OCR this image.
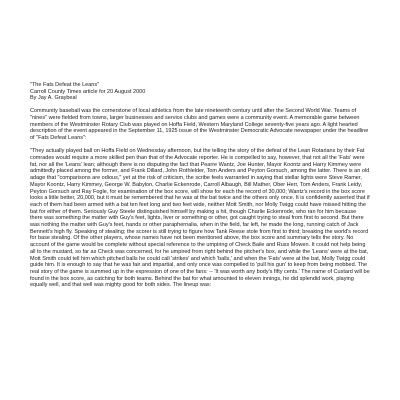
"The Fats Defeat the Leans"

Carroll County Times article for 20 August 2000

By Jay A. Graybeal

Community baseball was the cornerstone of local athletics from the late nineteenth century until after the Second World War. Teams of "nines" were fielded from towns, larger businesses and service clubs and games were a community event. A memorable game between members of the Westminster Rotary Club was played on Hoffa Field, Western Maryland College seventy-five years ago. A light hearted description of the event appeared in the September 11, 1925 issue of the Westminster Democratic Advocate newspaper under the headline of "Fats Defeat Leans":

"They actually played ball on Hoffa Field on Wednesday afternoon, but the telling the story of the defeat of the Lean Rotarians by their Fat comrades would require a more skilled pen than that of the Advocate reporter. He is compelled to say, however, that not all the 'Fats' were fat, nor all the 'Leans' lean; although there is no disputing the fact that Pearre Wantz, Joe Hunter, Mayor Koontz and Harry Kimmey were admittedly placed among the former, and Frank Dillard, John Rothlelder, Tom Anders and Peyton Gorsuch, among the latter. There is an old adage that "comparisons are odious," yet at the risk of criticism, the scribe feels warranted in saying that stellar lights were Steve Ramer, Mayor Koontz, Harry Kimmey, George W. Babylon, Charlie Eckenrode, Carroll Albaugh, Bill Mather, Ober Herr, Tom Anders, Frank Leidy, Peyton Gorsuch and Ray Fogle, for examination of the box score, will show for each the record of 30,000; Wantz's record in the box score looks a little better, 20,000, but it must be remembered that he was at the bat twice and the others only once. It is confidently asserted that if each of them had been armed with a bat ten feet long and two feet wide, neither Mott Smith, nor Molly Twigg could have missed hitting the bat for either of them. Seriously Guy Steele distinguished himself by making a hit, though Charlie Eckenrode, who ran for him because there was something the matter with Guy's feet, lights, liver or something or other, got caught trying to steal from first to second. But there was nothing the matter with Guy's feet, hands or other paraphernalia, when in the field, far left, he made the long, running catch of Jack Bennett's high fly. Speaking of stealing; the scorer is still trying to figure how Tank Reese stole from first to third; breaking the world's record for base stealing. Of the other players, whose names have not been mentioned above, the box score and summary tells the story. No account of the game would be complete without special reference to the umpiring of Check Baile and Russ Mowen. It could not help being all to the mustard, so far as Check was concerned, for he umpired from right behind the pitcher's box, and while the 'Leans' were at the bat, Mott Smith could tell him which pitched balls he could call 'strikes' and which 'balls,' and when the 'Fats' were at the bat, Molly Twigg could guide him. It is enough to say that he was fair and impartial, and only once was compelled to 'pull his gun' to keep from being mobbed. The real story of the game is summed up in the expression of one of the fans: -- 'It was worth any body's fifty cents.' The name of Custard will be found in the box score, as catching for both teams. Behind the bat for what amounted to eleven innings, he did splendid work, playing equally well, and that well was mighty good for both sides. The lineup was:
